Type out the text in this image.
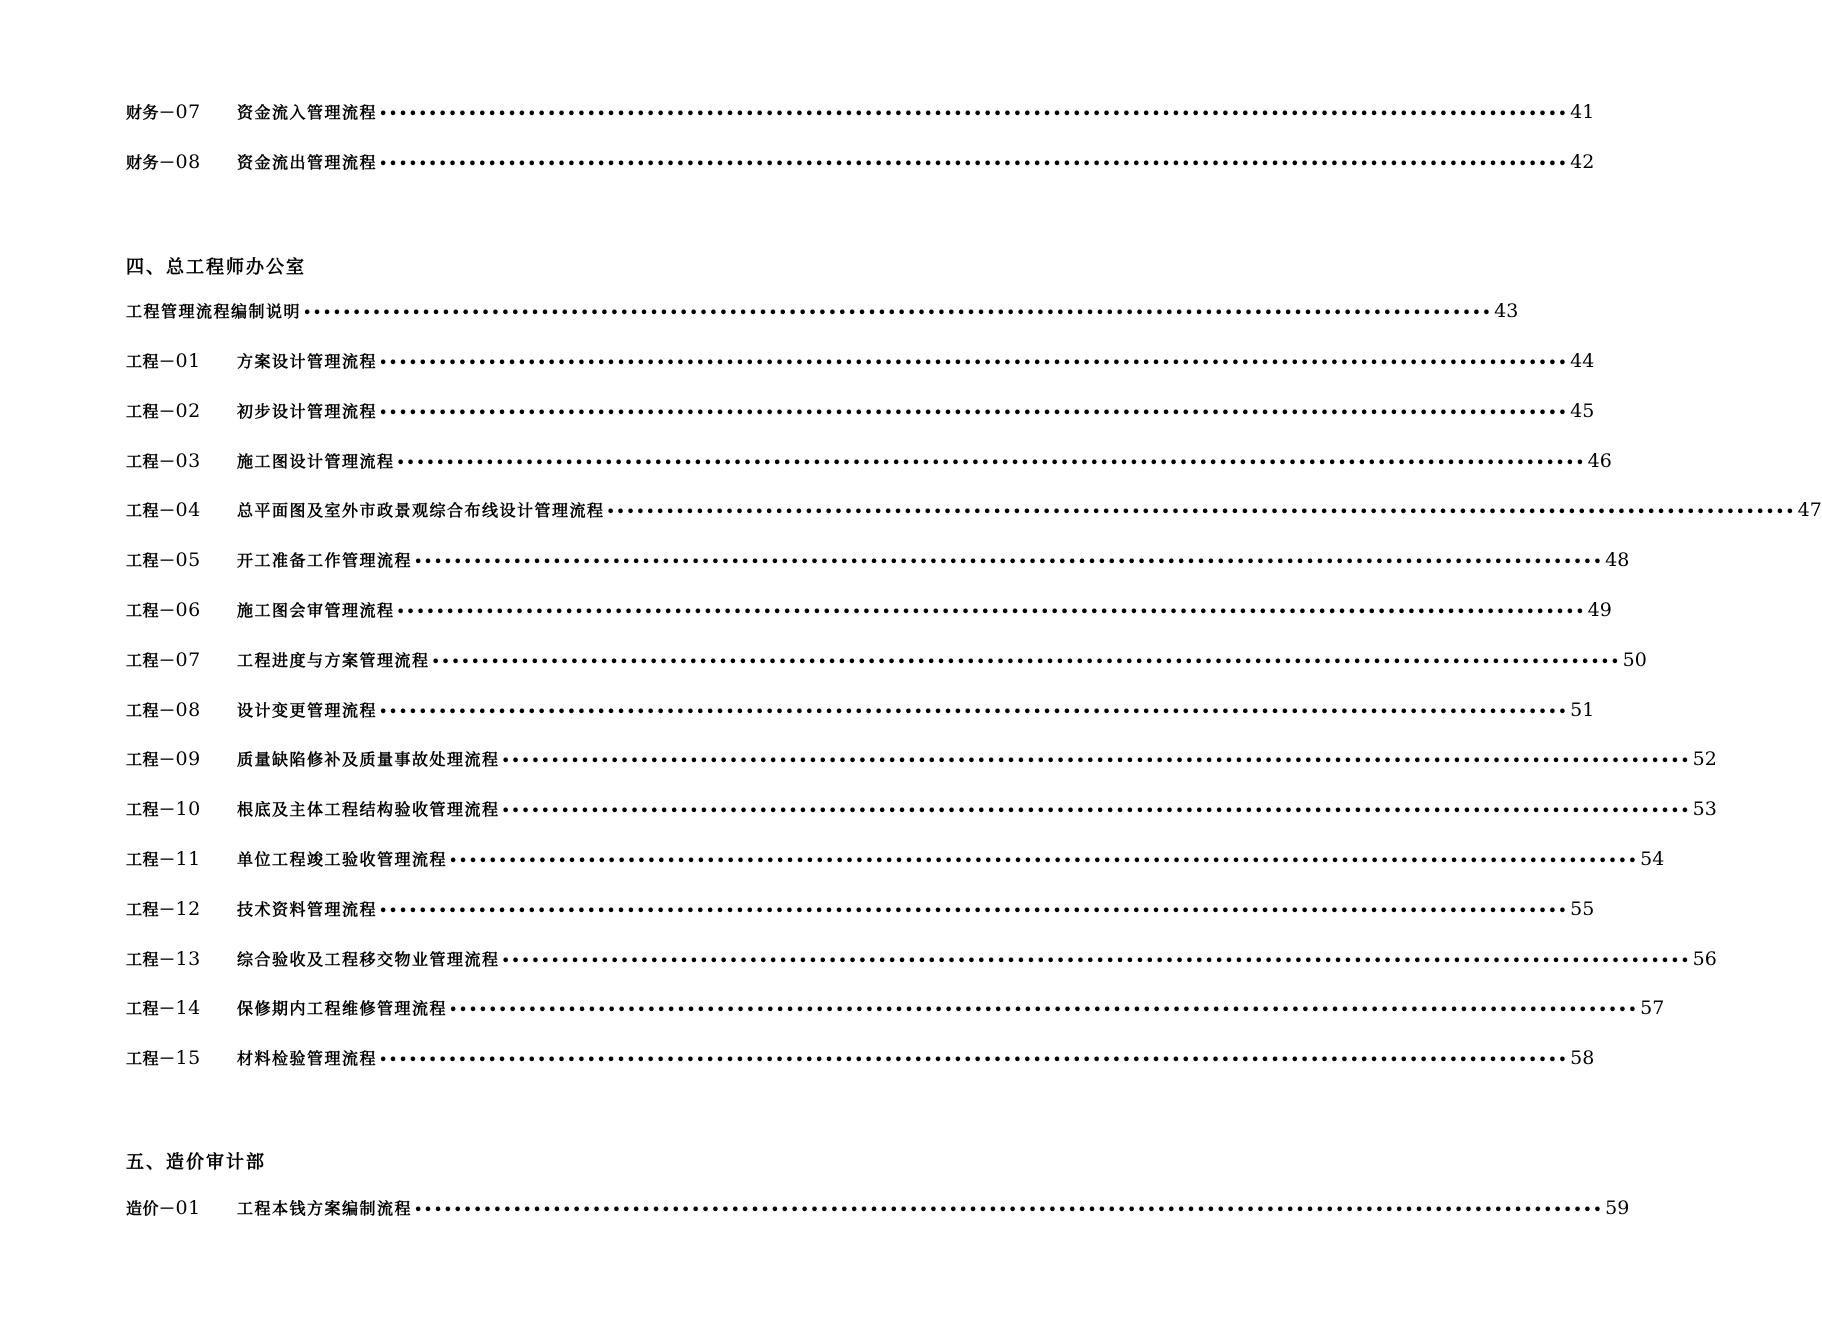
财务－07	资金流入管理流程 •••••••••••••••••••••••••••••••••••••••••••••••••••••••••••••••••••••••••••••••••••••••••••••••••••••••••••••••••••••••• 41
财务－08	资金流出管理流程 •••••••••••••••••••••••••••••••••••••••••••••••••••••••••••••••••••••••••••••••••••••••••••••••••••••••••••••••••••••••• 42
四、总工程师办公室
工程管理流程编制说明 •••••••••••••••••••••••••••••••••••••••••••••••••••••••••••••••••••••••••••••••••••••••••••••••••••••••••••••••••••••••• 43
工程－01	方案设计管理流程 •••••••••••••••••••••••••••••••••••••••••••••••••••••••••••••••••••••••••••••••••••••••••••••••••••••••••••••••••••••••• 44
工程－02	初步设计管理流程 •••••••••••••••••••••••••••••••••••••••••••••••••••••••••••••••••••••••••••••••••••••••••••••••••••••••••••••••••••••••• 45
工程－03	施工图设计管理流程 •••••••••••••••••••••••••••••••••••••••••••••••••••••••••••••••••••••••••••••••••••••••••••••••••••••••••••••••••••••••• 46
工程－04	总平面图及室外市政景观综合布线设计管理流程 •••••••••••••••••••••••••••••••••••••••••••••••••••••••••••••••••••••••••••••••••••••••••••••••••••••••••••••••••••••••• 47
工程－05	开工准备工作管理流程 •••••••••••••••••••••••••••••••••••••••••••••••••••••••••••••••••••••••••••••••••••••••••••••••••••••••••••••••••••••••• 48
工程－06	施工图会审管理流程 •••••••••••••••••••••••••••••••••••••••••••••••••••••••••••••••••••••••••••••••••••••••••••••••••••••••••••••••••••••••• 49
工程－07	工程进度与方案管理流程 •••••••••••••••••••••••••••••••••••••••••••••••••••••••••••••••••••••••••••••••••••••••••••••••••••••••••••••••••••••••• 50
工程－08	设计变更管理流程 •••••••••••••••••••••••••••••••••••••••••••••••••••••••••••••••••••••••••••••••••••••••••••••••••••••••••••••••••••••••• 51
工程－09	质量缺陷修补及质量事故处理流程 •••••••••••••••••••••••••••••••••••••••••••••••••••••••••••••••••••••••••••••••••••••••••••••••••••••••••••••••••••••••• 52
工程－10	根底及主体工程结构验收管理流程 •••••••••••••••••••••••••••••••••••••••••••••••••••••••••••••••••••••••••••••••••••••••••••••••••••••••••••••••••••••••• 53
工程－11	单位工程竣工验收管理流程 •••••••••••••••••••••••••••••••••••••••••••••••••••••••••••••••••••••••••••••••••••••••••••••••••••••••••••••••••••••••• 54
工程－12	技术资料管理流程 •••••••••••••••••••••••••••••••••••••••••••••••••••••••••••••••••••••••••••••••••••••••••••••••••••••••••••••••••••••••• 55
工程－13	综合验收及工程移交物业管理流程 •••••••••••••••••••••••••••••••••••••••••••••••••••••••••••••••••••••••••••••••••••••••••••••••••••••••••••••••••••••••• 56
工程－14	保修期内工程维修管理流程 •••••••••••••••••••••••••••••••••••••••••••••••••••••••••••••••••••••••••••••••••••••••••••••••••••••••••••••••••••••••• 57
工程－15	材料检验管理流程 •••••••••••••••••••••••••••••••••••••••••••••••••••••••••••••••••••••••••••••••••••••••••••••••••••••••••••••••••••••••• 58
五、造价审计部
造价－01	工程本钱方案编制流程 •••••••••••••••••••••••••••••••••••••••••••••••••••••••••••••••••••••••••••••••••••••••••••••••••••••••••••••••••••••••• 59
